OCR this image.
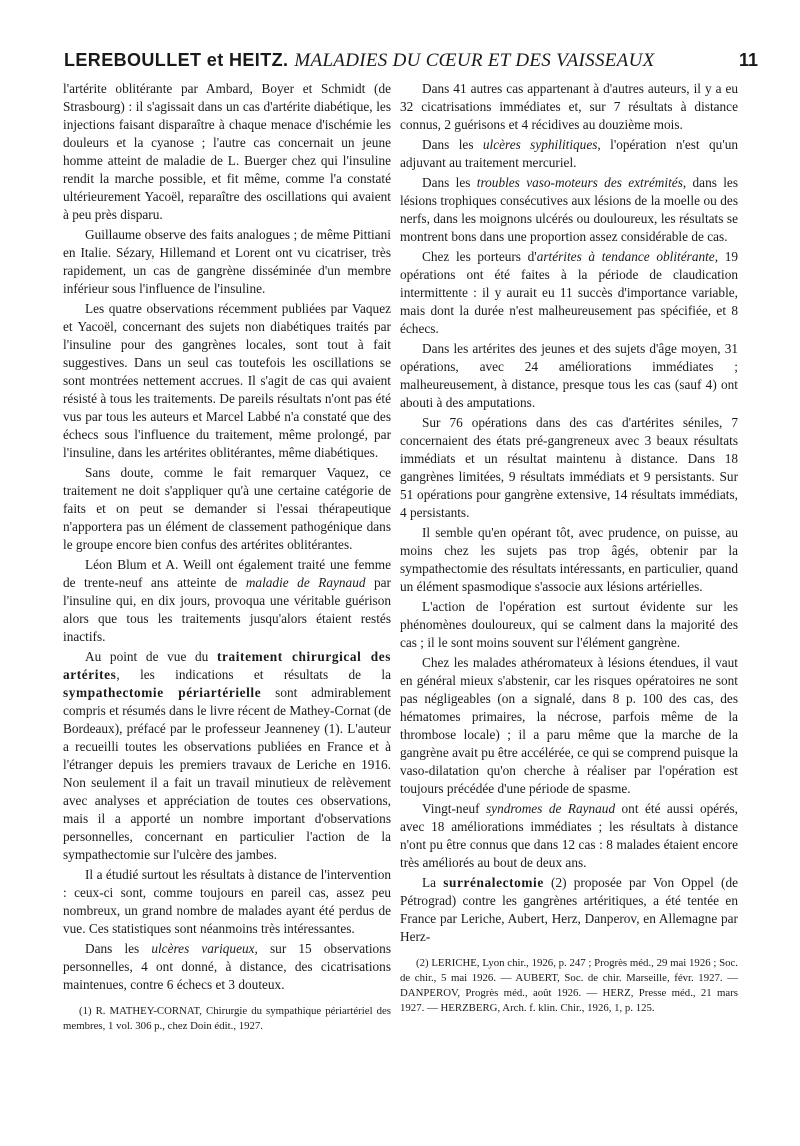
LEREBOULLET et HEITZ. MALADIES DU CŒUR ET DES VAISSEAUX	11

l'artérite oblitérante par Ambard, Boyer et Schmidt (de Strasbourg) : il s'agissait dans un cas d'artérite diabétique, les injections faisant disparaître à chaque menace d'ischémie les douleurs et la cyanose ; l'autre cas concernait un jeune homme atteint de maladie de L. Buerger chez qui l'insuline rendit la marche possible, et fit même, comme l'a constaté ultérieurement Yacoël, reparaître des oscillations qui avaient à peu près disparu.

Guillaume observe des faits analogues ; de même Pittiani en Italie. Sézary, Hillemand et Lorent ont vu cicatriser, très rapidement, un cas de gangrène disséminée d'un membre inférieur sous l'influence de l'insuline.

Les quatre observations récemment publiées par Vaquez et Yacoël, concernant des sujets non diabétiques traités par l'insuline pour des gangrènes locales, sont tout à fait suggestives. Dans un seul cas toutefois les oscillations se sont montrées nettement accrues. Il s'agit de cas qui avaient résisté à tous les traitements. De pareils résultats n'ont pas été vus par tous les auteurs et Marcel Labbé n'a constaté que des échecs sous l'influence du traitement, même prolongé, par l'insuline, dans les artérites oblitérantes, même diabétiques.

Sans doute, comme le fait remarquer Vaquez, ce traitement ne doit s'appliquer qu'à une certaine catégorie de faits et on peut se demander si l'essai thérapeutique n'apportera pas un élément de classement pathogénique dans le groupe encore bien confus des artérites oblitérantes.

Léon Blum et A. Weill ont également traité une femme de trente-neuf ans atteinte de maladie de Raynaud par l'insuline qui, en dix jours, provoqua une véritable guérison alors que tous les traitements jusqu'alors étaient restés inactifs.

Au point de vue du traitement chirurgical des artérites, les indications et résultats de la sympathectomie périartérielle sont admirablement compris et résumés dans le livre récent de Mathey-Cornat (de Bordeaux), préfacé par le professeur Jeanneney (1). L'auteur a recueilli toutes les observations publiées en France et à l'étranger depuis les premiers travaux de Leriche en 1916. Non seulement il a fait un travail minutieux de relèvement avec analyses et appréciation de toutes ces observations, mais il a apporté un nombre important d'observations personnelles, concernant en particulier l'action de la sympathectomie sur l'ulcère des jambes.

Il a étudié surtout les résultats à distance de l'intervention : ceux-ci sont, comme toujours en pareil cas, assez peu nombreux, un grand nombre de malades ayant été perdus de vue. Ces statistiques sont néanmoins très intéressantes.

Dans les ulcères variqueux, sur 15 observations personnelles, 4 ont donné, à distance, des cicatrisations maintenues, contre 6 échecs et 3 douteux.

(1) R. MATHEY-CORNAT, Chirurgie du sympathique périartériel des membres, 1 vol. 306 p., chez Doin édit., 1927.

Dans 41 autres cas appartenant à d'autres auteurs, il y a eu 32 cicatrisations immédiates et, sur 7 résultats à distance connus, 2 guérisons et 4 récidives au douzième mois.

Dans les ulcères syphilitiques, l'opération n'est qu'un adjuvant au traitement mercuriel.

Dans les troubles vaso-moteurs des extrémités, dans les lésions trophiques consécutives aux lésions de la moelle ou des nerfs, dans les moignons ulcérés ou douloureux, les résultats se montrent bons dans une proportion assez considérable de cas.

Chez les porteurs d'artérites à tendance oblitérante, 19 opérations ont été faites à la période de claudication intermittente : il y aurait eu 11 succès d'importance variable, mais dont la durée n'est malheureusement pas spécifiée, et 8 échecs.

Dans les artérites des jeunes et des sujets d'âge moyen, 31 opérations, avec 24 améliorations immédiates ; malheureusement, à distance, presque tous les cas (sauf 4) ont abouti à des amputations.

Sur 76 opérations dans des cas d'artérites séniles, 7 concernaient des états pré-gangreneux avec 3 beaux résultats immédiats et un résultat maintenu à distance. Dans 18 gangrènes limitées, 9 résultats immédiats et 9 persistants. Sur 51 opérations pour gangrène extensive, 14 résultats immédiats, 4 persistants.

Il semble qu'en opérant tôt, avec prudence, on puisse, au moins chez les sujets pas trop âgés, obtenir par la sympathectomie des résultats intéressants, en particulier, quand un élément spasmodique s'associe aux lésions artérielles.

L'action de l'opération est surtout évidente sur les phénomènes douloureux, qui se calment dans la majorité des cas ; il le sont moins souvent sur l'élément gangrène.

Chez les malades athéromateux à lésions étendues, il vaut en général mieux s'abstenir, car les risques opératoires ne sont pas négligeables (on a signalé, dans 8 p. 100 des cas, des hématomes primaires, la nécrose, parfois même de la thrombose locale) ; il a paru même que la marche de la gangrène avait pu être accélérée, ce qui se comprend puisque la vaso-dilatation qu'on cherche à réaliser par l'opération est toujours précédée d'une période de spasme.

Vingt-neuf syndromes de Raynaud ont été aussi opérés, avec 18 améliorations immédiates ; les résultats à distance n'ont pu être connus que dans 12 cas : 8 malades étaient encore très améliorés au bout de deux ans.

La surrénalectomie (2) proposée par Von Oppel (de Pétrograd) contre les gangrènes artéritiques, a été tentée en France par Leriche, Aubert, Herz, Danperov, en Allemagne par Herz-

(2) LERICHE, Lyon chir., 1926, p. 247 ; Progrès méd., 29 mai 1926 ; Soc. de chir., 5 mai 1926. — AUBERT, Soc. de chir. Marseille, févr. 1927. — DANPEROV, Progrès méd., août 1926. — HERZ, Presse méd., 21 mars 1927. — HERZBERG, Arch. f. klin. Chir., 1926, 1, p. 125.
